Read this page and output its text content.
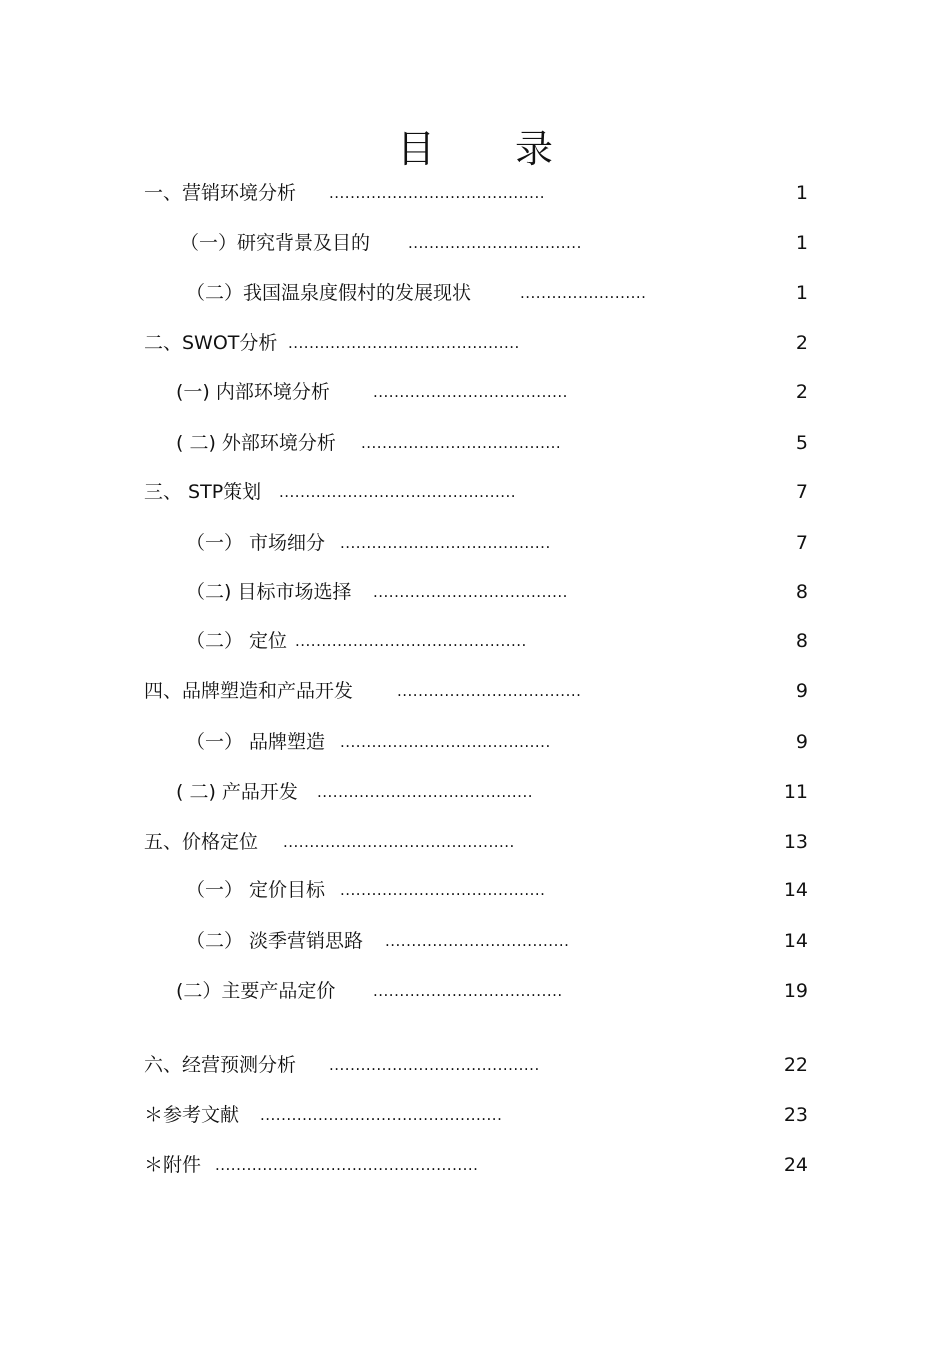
目 录
一、营销环境分析 .........................................	1
（一）研究背景及目的	.................................	1
（二）我国温泉度假村的发展现状	........................	1
二、SWOT分析 ............................................	2
(一) 内部环境分析	.....................................	2
( 二) 外部环境分析 ......................................	5
三、 STP策划 .............................................	7
（一） 市场细分 ........................................	7
（二) 目标市场选择 .....................................	8
（二） 定位 ............................................	8
四、品牌塑造和产品开发	...................................	9
（一） 品牌塑造 ........................................	9
( 二) 产品开发 .........................................	11
五、价格定位 ............................................	13
（一） 定价目标 .......................................	14
（二） 淡季营销思路 ...................................	14
(二）主要产品定价	....................................	19
六、经营预测分析 ........................................	22
＊参考文献 ..............................................	23
＊附件 ..................................................	24
